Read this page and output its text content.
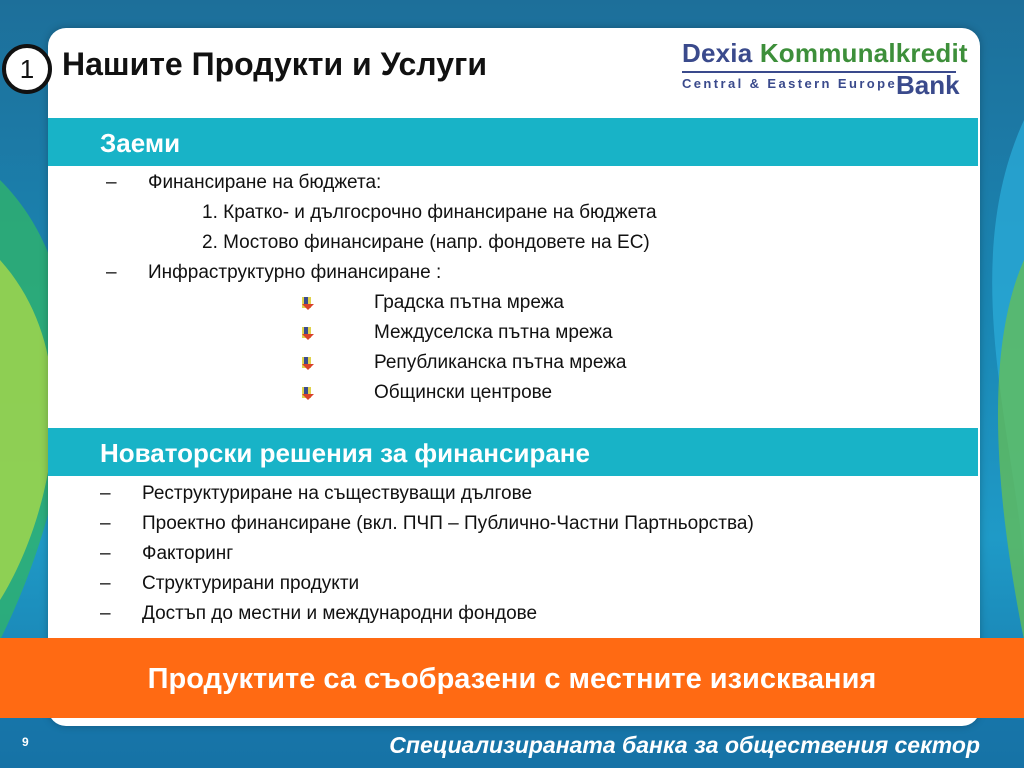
1 Нашите Продукти и Услуги	Dexia Kommunalkredit
Central & Eastern Europe
Bank
Заеми
– Финансиране на бюджета:
1. Кратко- и дългосрочно финансиране на бюджета
2. Мостово финансиране (напр. фондовете на ЕС)
– Инфраструктурно финансиране :
Градска пътна мрежа
Междуселска пътна мрежа
Републиканска пътна мрежа
Общински центрове
Новаторски решения за финансиране
– Реструктуриране на съществуващи дългове
– Проектно финансиране (вкл. ПЧП – Публично-Частни Партньорства)
– Факторинг
– Структурирани продукти
– Достъп до местни и международни фондове
Продуктите са съобразени с местните изисквания
9	Специализираната банка за обществения сектор
